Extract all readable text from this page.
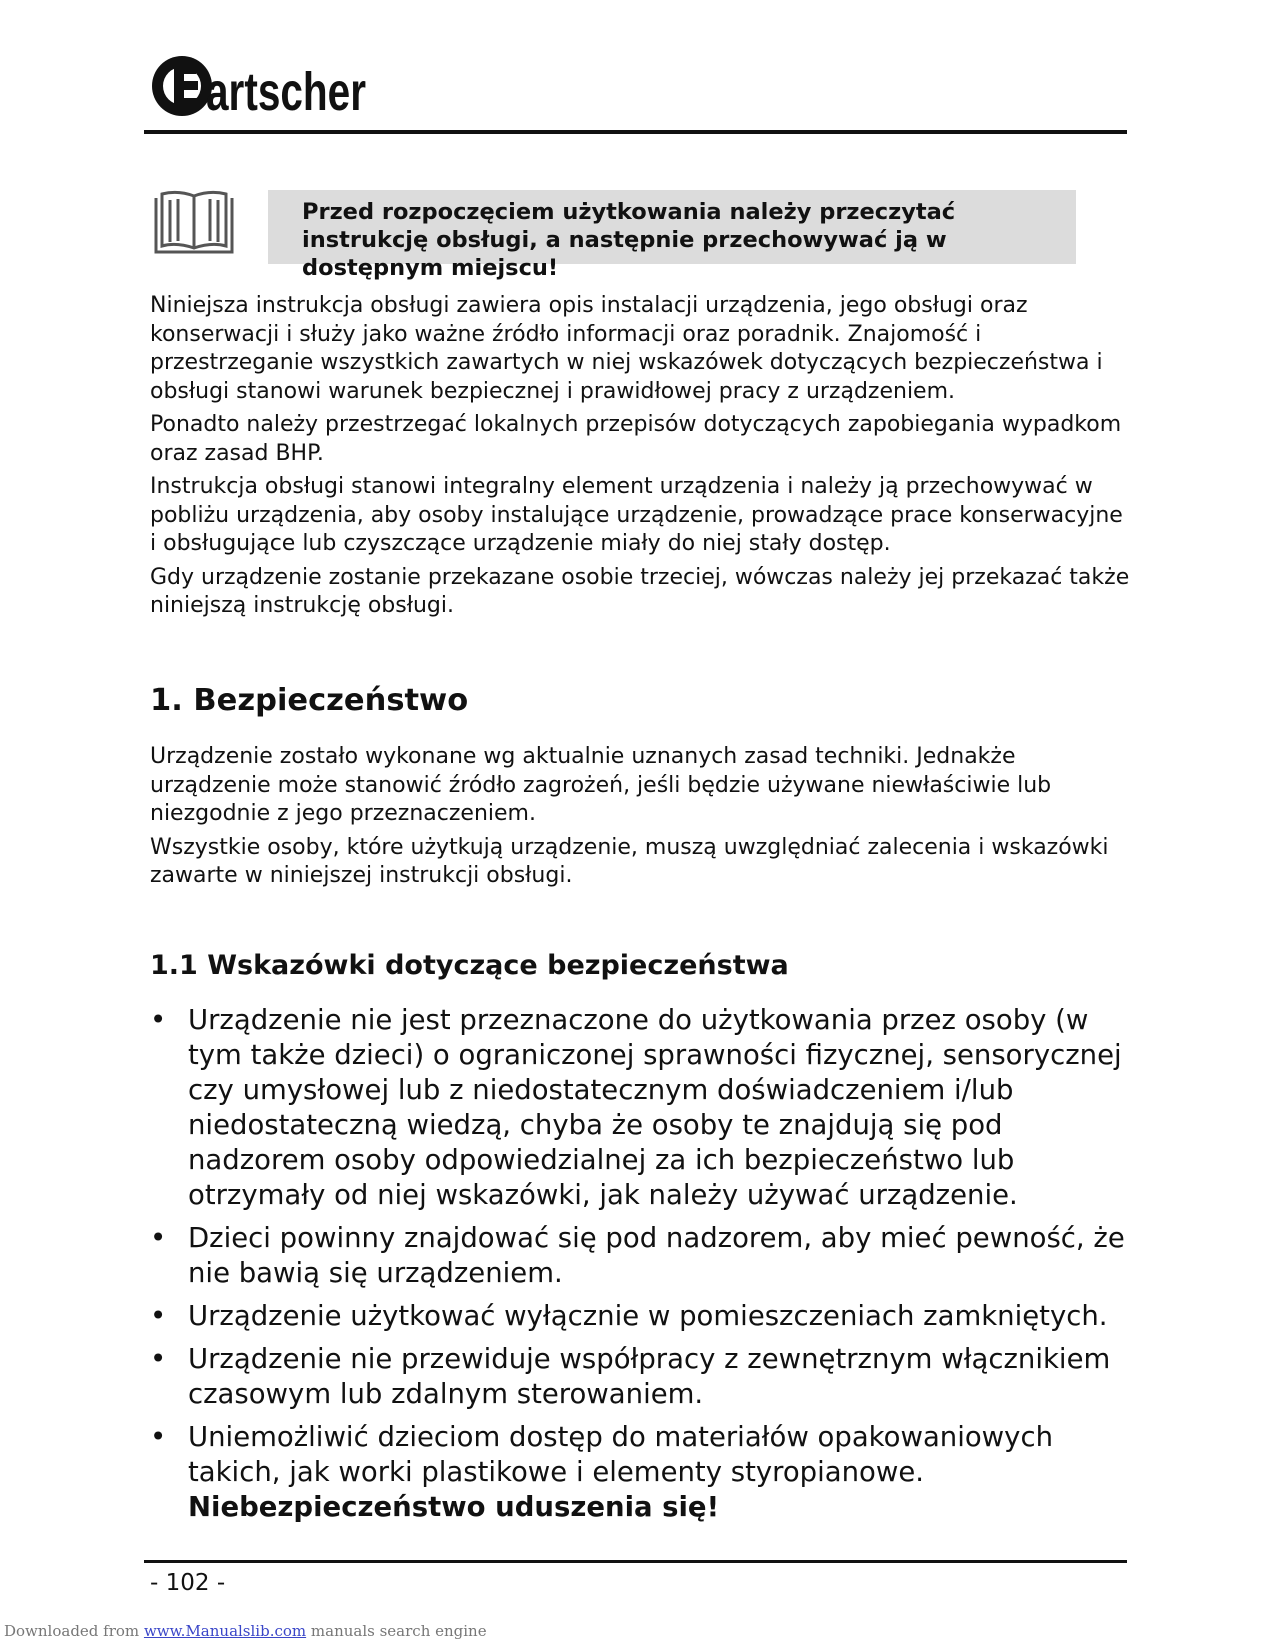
artscher
Przed rozpoczęciem użytkowania należy przeczytać instrukcję obsługi, a następnie przechowywać ją w dostępnym miejscu!

Niniejsza instrukcja obsługi zawiera opis instalacji urządzenia, jego obsługi oraz konserwacji i służy jako ważne źródło informacji oraz poradnik. Znajomość i przestrzeganie wszystkich zawartych w niej wskazówek dotyczących bezpieczeństwa i obsługi stanowi warunek bezpiecznej i prawidłowej pracy z urządzeniem.

Ponadto należy przestrzegać lokalnych przepisów dotyczących zapobiegania wypadkom oraz zasad BHP.

Instrukcja obsługi stanowi integralny element urządzenia i należy ją przechowywać w pobliżu urządzenia, aby osoby instalujące urządzenie, prowadzące prace konserwacyjne i obsługujące lub czyszczące urządzenie miały do niej stały dostęp.

Gdy urządzenie zostanie przekazane osobie trzeciej, wówczas należy jej przekazać także niniejszą instrukcję obsługi.

1. Bezpieczeństwo

Urządzenie zostało wykonane wg aktualnie uznanych zasad techniki. Jednakże urządzenie może stanowić źródło zagrożeń, jeśli będzie używane niewłaściwie lub niezgodnie z jego przeznaczeniem.

Wszystkie osoby, które użytkują urządzenie, muszą uwzględniać zalecenia i wskazówki zawarte w niniejszej instrukcji obsługi.

1.1 Wskazówki dotyczące bezpieczeństwa
• Urządzenie nie jest przeznaczone do użytkowania przez osoby (w tym także dzieci) o ograniczonej sprawności fizycznej, sensorycznej czy umysłowej lub z niedostatecznym doświadczeniem i/lub niedostateczną wiedzą, chyba że osoby te znajdują się pod nadzorem osoby odpowiedzialnej za ich bezpieczeństwo lub otrzymały od niej wskazówki, jak należy używać urządzenie.
• Dzieci powinny znajdować się pod nadzorem, aby mieć pewność, że nie bawią się urządzeniem.
• Urządzenie użytkować wyłącznie w pomieszczeniach zamkniętych.
• Urządzenie nie przewiduje współpracy z zewnętrznym włącznikiem czasowym lub zdalnym sterowaniem.
• Uniemożliwić dzieciom dostęp do materiałów opakowaniowych takich, jak worki plastikowe i elementy styropianowe. Niebezpieczeństwo uduszenia się!
- 102 -
Downloaded from www.Manualslib.com manuals search engine
